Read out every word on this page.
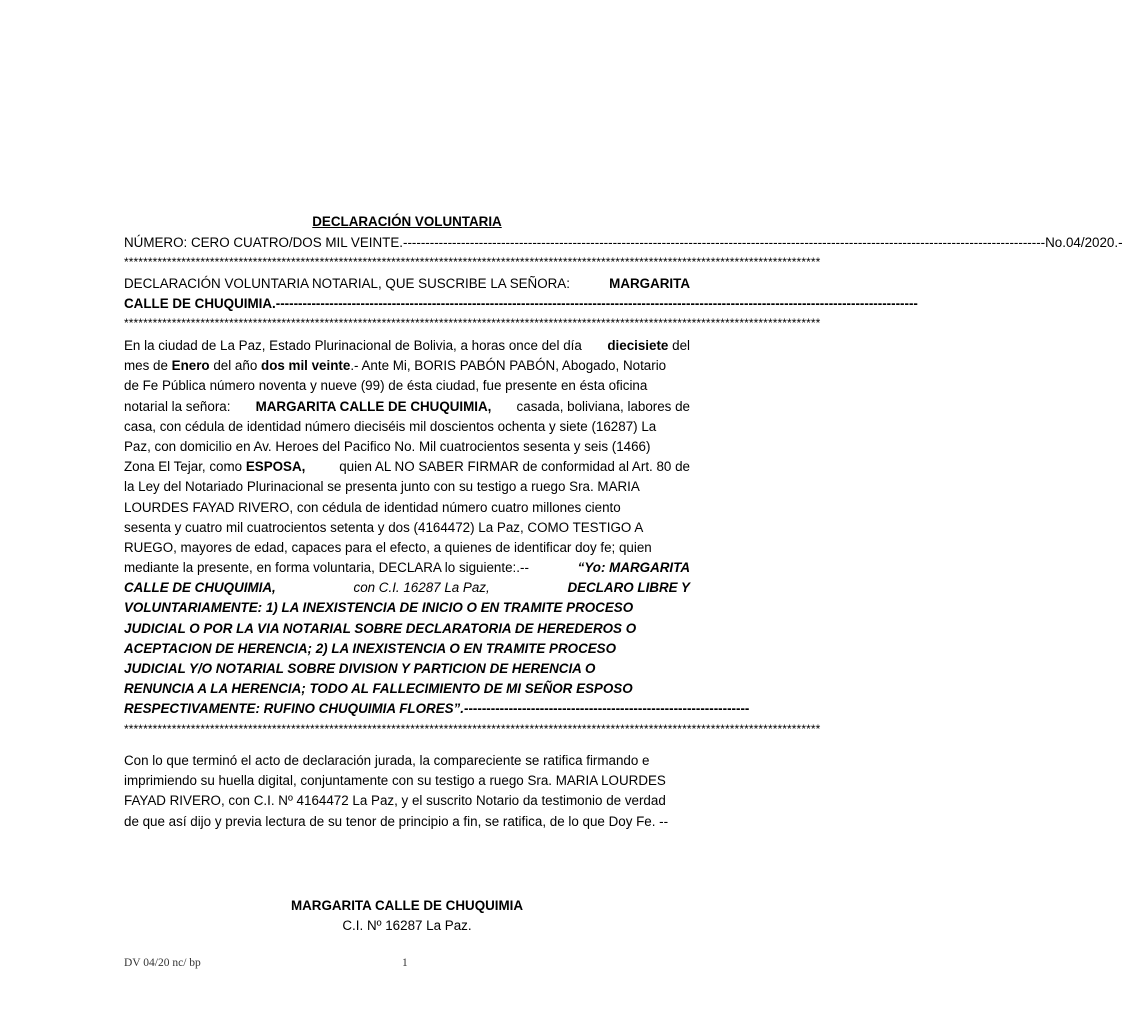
DECLARACIÓN VOLUNTARIA
NÚMERO: CERO CUATRO/DOS MIL VEINTE. ------------------------------------------------------------------------------------------------------------------------------------------------ No.04/2020.-
**************************************************************************************************************************************************
DECLARACIÓN VOLUNTARIA NOTARIAL, QUE SUSCRIBE LA SEÑORA:	MARGARITA
CALLE DE CHUQUIMIA. ------------------------------------------------------------------------------------------------------------------------------------------------
**************************************************************************************************************************************************
En la ciudad de La Paz, Estado Plurinacional de Bolivia, a horas once del día diecisiete del
mes de Enero del año dos mil veinte.- Ante Mi, BORIS PABÓN PABÓN, Abogado, Notario
de Fe Pública número noventa y nueve (99) de ésta ciudad, fue presente en ésta oficina
notarial la señora: MARGARITA CALLE DE CHUQUIMIA, casada, boliviana, labores de
casa, con cédula de identidad número dieciséis mil doscientos ochenta y siete (16287) La
Paz, con domicilio en Av. Heroes del Pacifico No. Mil cuatrocientos sesenta y seis (1466)
Zona El Tejar, como ESPOSA,	quien AL NO SABER FIRMAR de conformidad al Art. 80 de
la Ley del Notariado Plurinacional se presenta junto con su testigo a ruego Sra. MARIA
LOURDES FAYAD RIVERO, con cédula de identidad número cuatro millones ciento
sesenta y cuatro mil cuatrocientos setenta y dos (4164472) La Paz, COMO TESTIGO A
RUEGO, mayores de edad, capaces para el efecto, a quienes de identificar doy fe; quien
mediante la presente, en forma voluntaria, DECLARA lo siguiente:.--	“Yo: MARGARITA
CALLE DE CHUQUIMIA,	con C.I. 16287 La Paz,	DECLARO LIBRE Y
VOLUNTARIAMENTE: 1) LA INEXISTENCIA DE INICIO O EN TRAMITE PROCESO
JUDICIAL O POR LA VIA NOTARIAL SOBRE DECLARATORIA DE HEREDEROS O
ACEPTACION DE HERENCIA; 2) LA INEXISTENCIA O EN TRAMITE PROCESO
JUDICIAL Y/O NOTARIAL SOBRE DIVISION Y PARTICION DE HERENCIA O
RENUNCIA A LA HERENCIA; TODO AL FALLECIMIENTO DE MI SEÑOR ESPOSO
RESPECTIVAMENTE: RUFINO CHUQUIMIA FLORES”. ----------------------------------------------------------------
**************************************************************************************************************************************************
Con lo que terminó el acto de declaración jurada, la compareciente se ratifica firmando e
imprimiendo su huella digital, conjuntamente con su testigo a ruego Sra. MARIA LOURDES
FAYAD RIVERO, con C.I. Nº 4164472 La Paz, y el suscrito Notario da testimonio de verdad
de que así dijo y previa lectura de su tenor de principio a fin, se ratifica, de lo que Doy Fe. --
MARGARITA CALLE DE CHUQUIMIA
C.I. Nº 16287 La Paz.
DV 04/20 nc/ bp	1
